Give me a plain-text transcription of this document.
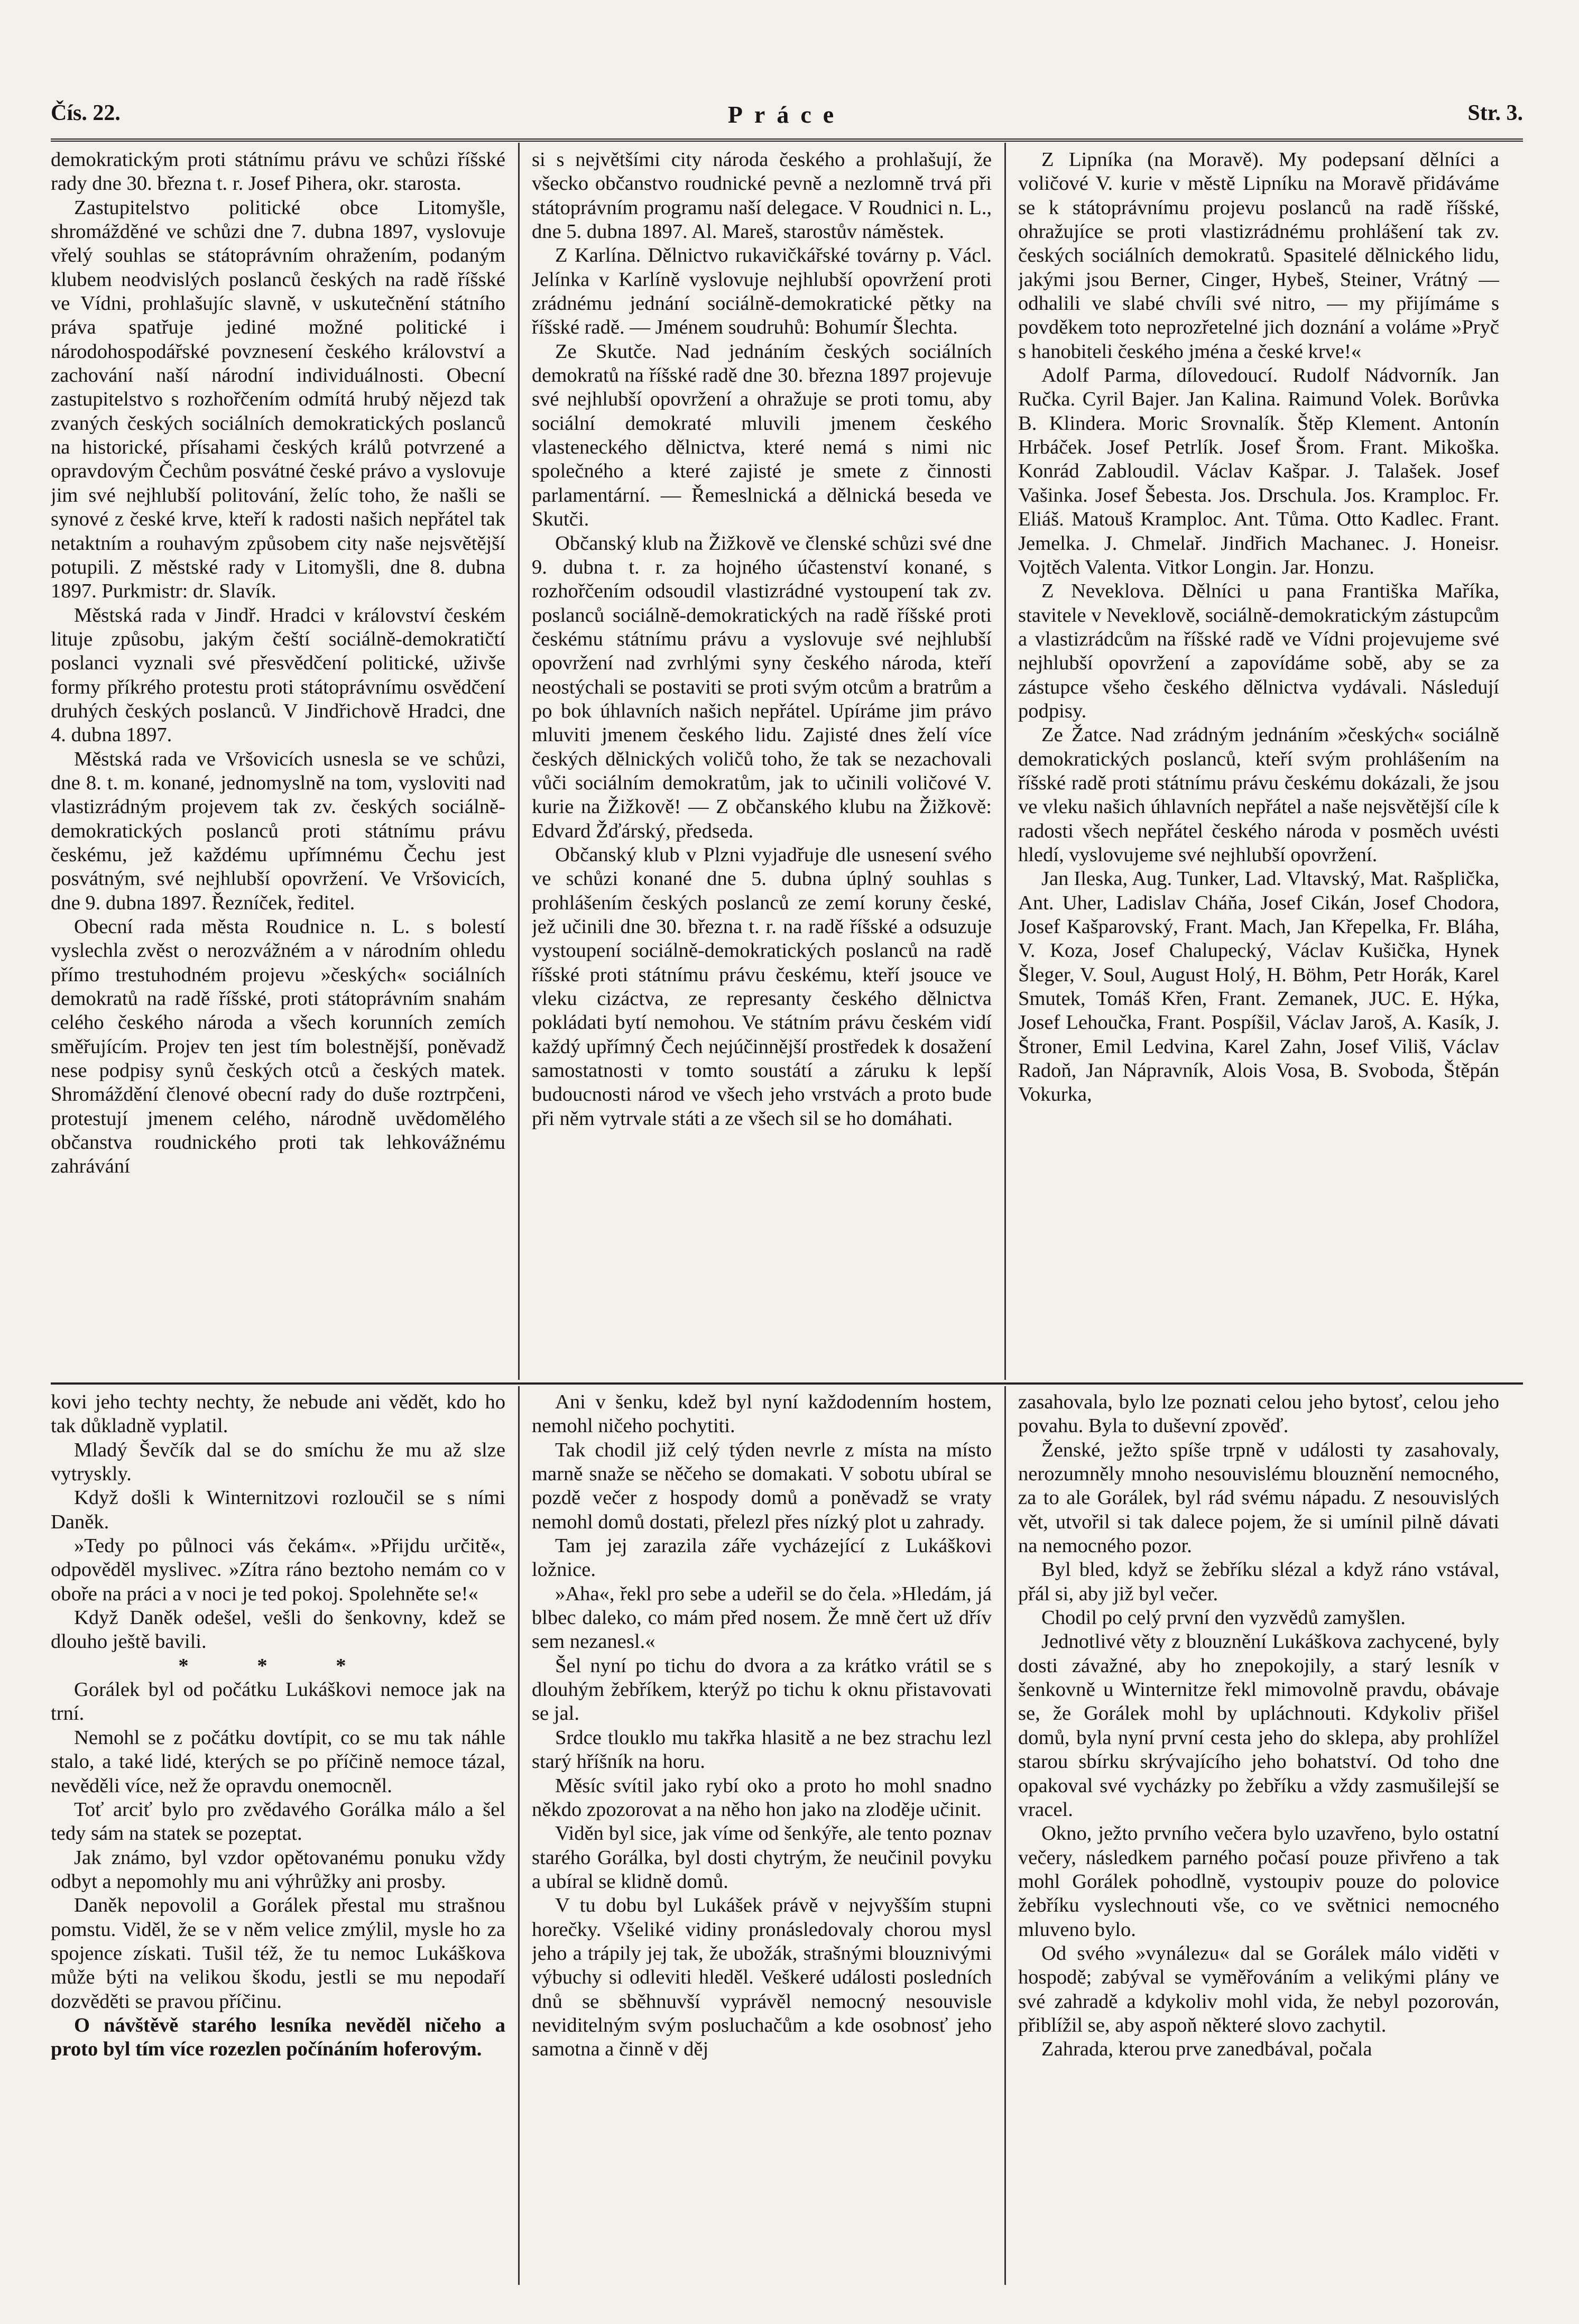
Čís. 22.	Práce	Str. 3.

demokratickým proti státnímu právu ve schůzi říšské rady dne 30. března t. r. Josef Pihera, okr. starosta.

Zastupitelstvo politické obce Litomyšle, shromážděné ve schůzi dne 7. dubna 1897, vyslovuje vřelý souhlas se státoprávním ohražením, podaným klubem neodvislých poslanců českých na radě říšské ve Vídni, prohlašujíc slavně, v uskutečnění státního práva spatřuje jediné možné politické i národohospodářské povznesení českého království a zachování naší národní individuálnosti. Obecní zastupitelstvo s rozhořčením odmítá hrubý nějezd tak zvaných českých sociálních demokratických poslanců na historické, přísahami českých králů potvrzené a opravdovým Čechům posvátné české právo a vyslovuje jim své nejhlubší politování, želíc toho, že našli se synové z české krve, kteří k radosti našich nepřátel tak netaktním a rouhavým způsobem city naše nejsvětější potupili. Z městské rady v Litomyšli, dne 8. dubna 1897. Purkmistr: dr. Slavík.

Městská rada v Jindř. Hradci v království českém lituje způsobu, jakým čeští sociálně-demokratičtí poslanci vyznali své přesvědčení politické, uživše formy příkrého protestu proti státoprávnímu osvědčení druhých českých poslanců. V Jindřichově Hradci, dne 4. dubna 1897.

Městská rada ve Vršovicích usnesla se ve schůzi, dne 8. t. m. konané, jednomyslně na tom, vysloviti nad vlastizrádným projevem tak zv. českých sociálně-demokratických poslanců proti státnímu právu českému, jež každému upřímnému Čechu jest posvátným, své nejhlubší opovržení. Ve Vršovicích, dne 9. dubna 1897. Řezníček, ředitel.

Obecní rada města Roudnice n. L. s bolestí vyslechla zvěst o nerozvážném a v národním ohledu přímo trestuhodném projevu »českých« sociálních demokratů na radě říšské, proti státoprávním snahám celého českého národa a všech korunních zemích směřujícím. Projev ten jest tím bolestnější, poněvadž nese podpisy synů českých otců a českých matek. Shromáždění členové obecní rady do duše roztrpčeni, protestují jmenem celého, národně uvědomělého občanstva roudnického proti tak lehkovážnému zahrávání

si s největšími city národa českého a prohlašují, že všecko občanstvo roudnické pevně a nezlomně trvá při státoprávním programu naší delegace. V Roudnici n. L., dne 5. dubna 1897. Al. Mareš, starostův náměstek.

Z Karlína. Dělnictvo rukavičkářské továrny p. Václ. Jelínka v Karlíně vyslovuje nejhlubší opovržení proti zrádnému jednání sociálně-demokratické pětky na říšské radě. — Jménem soudruhů: Bohumír Šlechta.

Ze Skutče. Nad jednáním českých sociálních demokratů na říšské radě dne 30. března 1897 projevuje své nejhlubší opovržení a ohražuje se proti tomu, aby sociální demokraté mluvili jmenem českého vlasteneckého dělnictva, které nemá s nimi nic společného a které zajisté je smete z činnosti parlamentární. — Řemeslnická a dělnická beseda ve Skutči.

Občanský klub na Žižkově ve členské schůzi své dne 9. dubna t. r. za hojného účastenství konané, s rozhořčením odsoudil vlastizrádné vystoupení tak zv. poslanců sociálně-demokratických na radě říšské proti českému státnímu právu a vyslovuje své nejhlubší opovržení nad zvrhlými syny českého národa, kteří neostýchali se postaviti se proti svým otcům a bratrům a po bok úhlavních našich nepřátel. Upíráme jim právo mluviti jmenem českého lidu. Zajisté dnes želí více českých dělnických voličů toho, že tak se nezachovali vůči sociálním demokratům, jak to učinili voličové V. kurie na Žižkově! — Z občanského klubu na Žižkově: Edvard Žďárský, předseda.

Občanský klub v Plzni vyjadřuje dle usnesení svého ve schůzi konané dne 5. dubna úplný souhlas s prohlášením českých poslanců ze zemí koruny české, jež učinili dne 30. března t. r. na radě říšské a odsuzuje vystoupení sociálně-demokratických poslanců na radě říšské proti státnímu právu českému, kteří jsouce ve vleku cizáctva, ze represanty českého dělnictva pokládati bytí nemohou. Ve státním právu českém vidí každý upřímný Čech nejúčinnější prostředek k dosažení samostatnosti v tomto soustátí a záruku k lepší budoucnosti národ ve všech jeho vrstvách a proto bude při něm vytrvale státi a ze všech sil se ho domáhati.

Z Lipníka (na Moravě). My podepsaní dělníci a voličové V. kurie v městě Lipníku na Moravě přidáváme se k státoprávnímu projevu poslanců na radě říšské, ohražujíce se proti vlastizrádnému prohlášení tak zv. českých sociálních demokratů. Spasitelé dělnického lidu, jakými jsou Berner, Cinger, Hybeš, Steiner, Vrátný — odhalili ve slabé chvíli své nitro, — my přijímáme s povděkem toto neprozřetelné jich doznání a voláme »Pryč s hanobiteli českého jména a české krve!«

Adolf Parma, dílovedoucí. Rudolf Nádvorník. Jan Ručka. Cyril Bajer. Jan Kalina. Raimund Volek. Borůvka B. Klindera. Moric Srovnalík. Štěp Klement. Antonín Hrbáček. Josef Petrlík. Josef Šrom. Frant. Mikoška. Konrád Zabloudil. Václav Kašpar. J. Talašek. Josef Vašinka. Josef Šebesta. Jos. Drschula. Jos. Kramploc. Fr. Eliáš. Matouš Kramploc. Ant. Tůma. Otto Kadlec. Frant. Jemelka. J. Chmelař. Jindřich Machanec. J. Honeisr. Vojtěch Valenta. Vitkor Longin. Jar. Honzu.

Z Neveklova. Dělníci u pana Františka Maříka, stavitele v Neveklově, sociálně-demokratickým zástupcům a vlastizrádcům na říšské radě ve Vídni projevujeme své nejhlubší opovržení a zapovídáme sobě, aby se za zástupce všeho českého dělnictva vydávali. Následují podpisy.

Ze Žatce. Nad zrádným jednáním »českých« sociálně demokratických poslanců, kteří svým prohlášením na říšské radě proti státnímu právu českému dokázali, že jsou ve vleku našich úhlavních nepřátel a naše nejsvětější cíle k radosti všech nepřátel českého národa v posměch uvésti hledí, vyslovujeme své nejhlubší opovržení.

Jan Ileska, Aug. Tunker, Lad. Vltavský, Mat. Rašplička, Ant. Uher, Ladislav Cháňa, Josef Cikán, Josef Chodora, Josef Kašparovský, Frant. Mach, Jan Křepelka, Fr. Bláha, V. Koza, Josef Chalupecký, Václav Kušička, Hynek Šleger, V. Soul, August Holý, H. Böhm, Petr Horák, Karel Smutek, Tomáš Křen, Frant. Zemanek, JUC. E. Hýka, Josef Lehoučka, Frant. Pospíšil, Václav Jaroš, A. Kasík, J. Štroner, Emil Ledvina, Karel Zahn, Josef Viliš, Václav Radoň, Jan Nápravník, Alois Vosa, B. Svoboda, Štěpán Vokurka,

kovi jeho techty nechty, že nebude ani vědět, kdo ho tak důkladně vyplatil.

Mladý Ševčík dal se do smíchu že mu až slze vytryskly.

Když došli k Winternitzovi rozloučil se s ními Daněk.

»Tedy po půlnoci vás čekám«. »Přijdu určitě«, odpověděl myslivec. »Zítra ráno beztoho nemám co v oboře na práci a v noci je ted pokoj. Spolehněte se!«

Když Daněk odešel, vešli do šenkovny, kdež se dlouho ještě bavili.

* * *

Gorálek byl od počátku Lukáškovi nemoce jak na trní.

Nemohl se z počátku dovtípit, co se mu tak náhle stalo, a také lidé, kterých se po příčině nemoce tázal, nevěděli více, než že opravdu onemocněl.

Toť arciť bylo pro zvědavého Gorálka málo a šel tedy sám na statek se pozeptat.

Jak známo, byl vzdor opětovanému ponuku vždy odbyt a nepomohly mu ani výhrůžky ani prosby.

Daněk nepovolil a Gorálek přestal mu strašnou pomstu. Viděl, že se v něm velice zmýlil, mysle ho za spojence získati. Tušil též, že tu nemoc Lukáškova může býti na velikou škodu, jestli se mu nepodaří dozvěděti se pravou příčinu.

O návštěvě starého lesníka nevěděl ničeho a proto byl tím více rozezlen počínáním hoferovým.

Ani v šenku, kdež byl nyní každodenním hostem, nemohl ničeho pochytiti.

Tak chodil již celý týden nevrle z místa na místo marně snaže se něčeho se domakati. V sobotu ubíral se pozdě večer z hospody domů a poněvadž se vraty nemohl domů dostati, přelezl přes nízký plot u zahrady.

Tam jej zarazila záře vycházející z Lukáškovi ložnice.

»Aha«, řekl pro sebe a udeřil se do čela. »Hledám, já blbec daleko, co mám před nosem. Že mně čert už dřív sem nezanesl.«

Šel nyní po tichu do dvora a za krátko vrátil se s dlouhým žebříkem, kterýž po tichu k oknu přistavovati se jal.

Srdce tlouklo mu takřka hlasitě a ne bez strachu lezl starý hříšník na horu.

Měsíc svítil jako rybí oko a proto ho mohl snadno někdo zpozorovat a na něho hon jako na zloděje učinit.

Viděn byl sice, jak víme od šenkýře, ale tento poznav starého Gorálka, byl dosti chytrým, že neučinil povyku a ubíral se klidně domů.

V tu dobu byl Lukášek právě v nejvyšším stupni horečky. Všeliké vidiny pronásledovaly chorou mysl jeho a trápily jej tak, že ubožák, strašnými blouznivými výbuchy si odleviti hleděl. Veškeré události posledních dnů se sběhnuvší vyprávěl nemocný nesouvisle neviditelným svým posluchačům a kde osobnosť jeho samotna a činně v děj

zasahovala, bylo lze poznati celou jeho bytosť, celou jeho povahu. Byla to duševní zpověď.

Ženské, ježto spíše trpně v události ty zasahovaly, nerozumněly mnoho nesouvislému blouznění nemocného, za to ale Gorálek, byl rád svému nápadu. Z nesouvislých vět, utvořil si tak dalece pojem, že si umínil pilně dávati na nemocného pozor.

Byl bled, když se žebříku slézal a když ráno vstával, přál si, aby již byl večer.

Chodil po celý první den vyzvědů zamyšlen.

Jednotlivé věty z blouznění Lukáškova zachycené, byly dosti závažné, aby ho znepokojily, a starý lesník v šenkovně u Winternitze řekl mimovolně pravdu, obávaje se, že Gorálek mohl by upláchnouti. Kdykoliv přišel domů, byla nyní první cesta jeho do sklepa, aby prohlížel starou sbírku skrývajícího jeho bohatství. Od toho dne opakoval své vycházky po žebříku a vždy zasmušilejší se vracel.

Okno, ježto prvního večera bylo uzavřeno, bylo ostatní večery, následkem parného počasí pouze přivřeno a tak mohl Gorálek pohodlně, vystoupiv pouze do polovice žebříku vyslechnouti vše, co ve světnici nemocného mluveno bylo.

Od svého »vynálezu« dal se Gorálek málo viděti v hospodě; zabýval se vyměřováním a velikými plány ve své zahradě a kdykoliv mohl vida, že nebyl pozorován, přiblížil se, aby aspoň některé slovo zachytil.

Zahrada, kterou prve zanedbával, počala
